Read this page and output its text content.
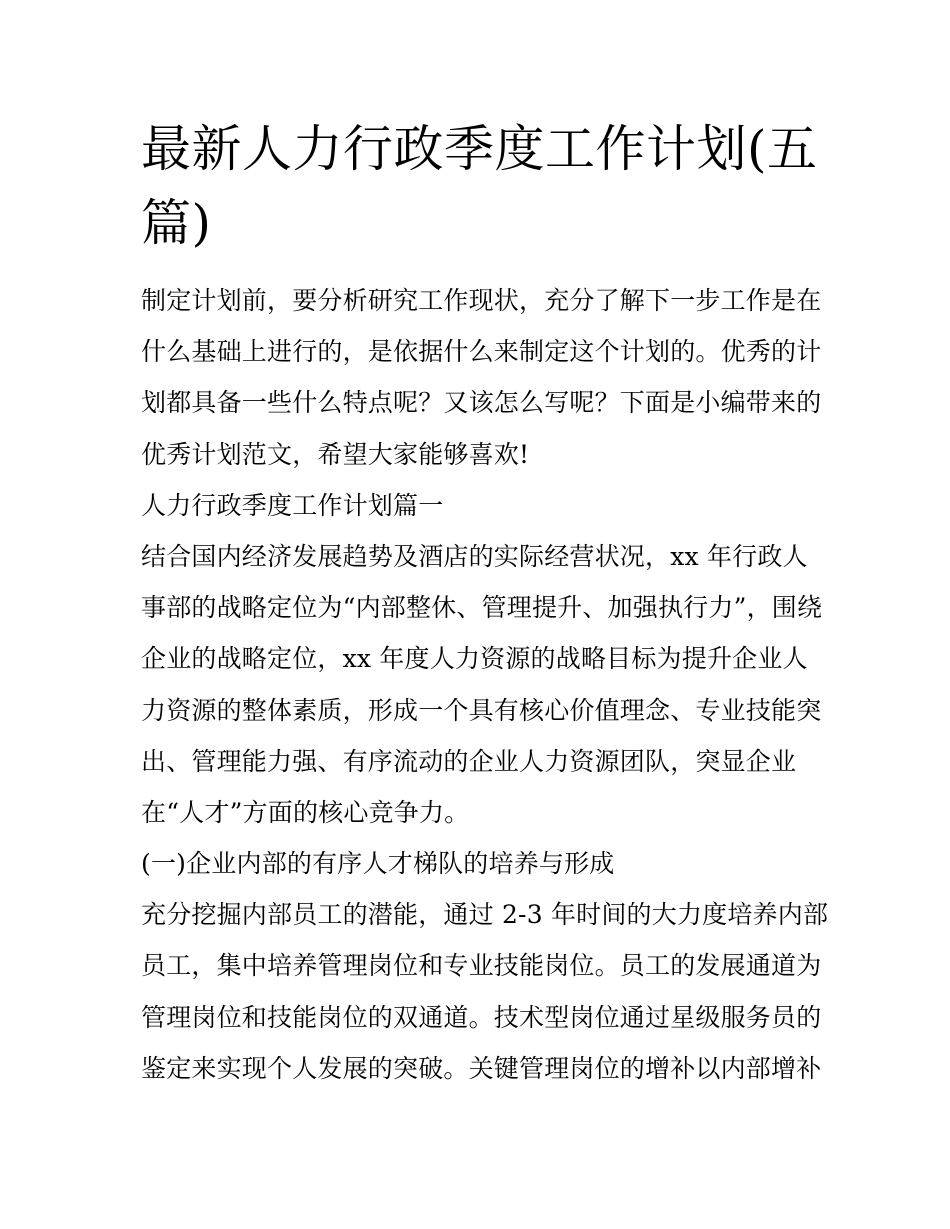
最新人力行政季度工作计划(五
篇)
制定计划前，要分析研究工作现状，充分了解下一步工作是在
什么基础上进行的，是依据什么来制定这个计划的。优秀的计
划都具备一些什么特点呢？又该怎么写呢？下面是小编带来的
优秀计划范文，希望大家能够喜欢!
人力行政季度工作计划篇一
结合国内经济发展趋势及酒店的实际经营状况，xx 年行政人
事部的战略定位为“内部整休、管理提升、加强执行力”，围绕
企业的战略定位，xx 年度人力资源的战略目标为提升企业人
力资源的整体素质，形成一个具有核心价值理念、专业技能突
出、管理能力强、有序流动的企业人力资源团队，突显企业
在“人才”方面的核心竞争力。
(一)企业内部的有序人才梯队的培养与形成
充分挖掘内部员工的潜能，通过 2-3 年时间的大力度培养内部
员工，集中培养管理岗位和专业技能岗位。员工的发展通道为
管理岗位和技能岗位的双通道。技术型岗位通过星级服务员的
鉴定来实现个人发展的突破。关键管理岗位的增补以内部增补
